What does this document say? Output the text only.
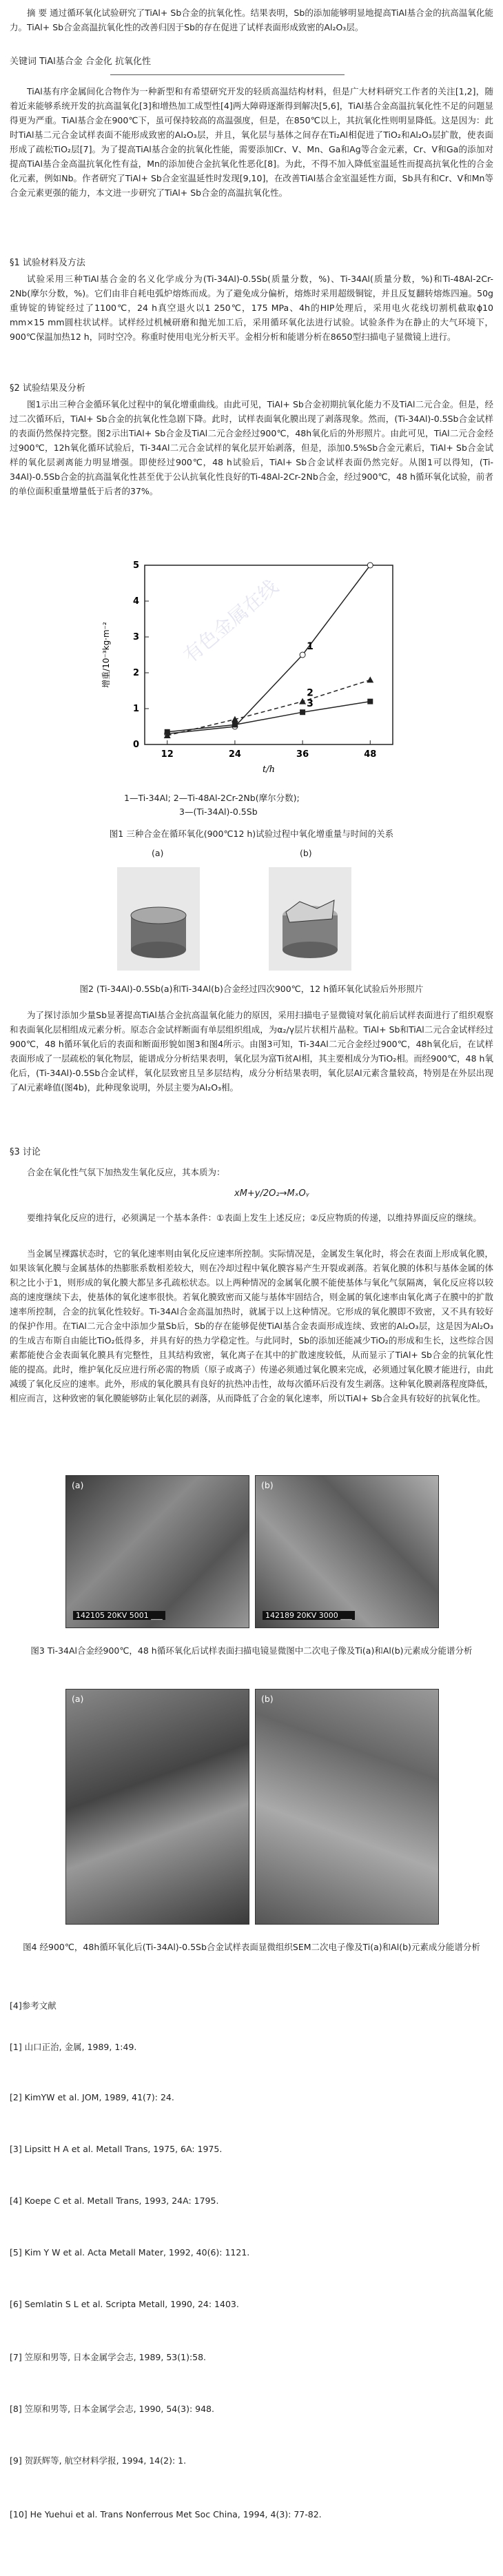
摘 要 通过循环氧化试验研究了TiAl+ Sb合金的抗氧化性。结果表明，Sb的添加能够明显地提高TiAl基合金的抗高温氧化能力。TiAl+ Sb合金高温抗氧化性的改善归因于Sb的存在促进了试样表面形成致密的Al₂O₃层。

关键词 TiAl基合金 合金化 抗氧化性

TiAl基有序金属间化合物作为一种新型和有希望研究开发的轻质高温结构材料，但是广大材料研究工作者的关注[1,2]，随着近来能够系统开发的抗高温氧化[3]和增热加工成型性[4]两大障碍逐渐得到解决[5,6]，TiAl基合金高温抗氧化性不足的问题显得更为严重。TiAl基合金在900℃下，虽可保持较高的高温强度，但是，在850℃以上，其抗氧化性则明显降低。这是因为：此时TiAl基二元合金试样表面不能形成致密的Al₂O₃层，并且，氧化层与基体之间存在Ti₂Al相促进了TiO₂和Al₂O₃层扩散，使表面形成了疏松TiO₂层[7]。为了提高TiAl基合金的抗氧化性能，需要添加Cr、V、Mn、Ga和Ag等合金元素，Cr、V和Ga的添加对提高TiAl基合金高温抗氧化性有益，Mn的添加使合金抗氧化性恶化[8]。为此，不得不加入降低室温延性而提高抗氧化性的合金化元素，例如Nb。作者研究了TiAl+ Sb合金室温延性时发现[9,10]，在改善TiAl基合金室温延性方面，Sb具有和Cr、V和Mn等合金元素更强的能力，本文进一步研究了TiAl+ Sb合金的高温抗氧化性。

§1 试验材料及方法

试验采用三种TiAl基合金的名义化学成分为(Ti-34Al)-0.5Sb(质量分数，%)、Ti-34Al(质量分数，%)和Ti-48Al-2Cr-2Nb(摩尔分数，%)。它们由非自耗电弧炉熔炼而成。为了避免成分偏析，熔炼时采用超级铜锭，并且反复翻转熔炼四遍。50g重铸锭的铸锭经过了1100℃，24 h真空退火以1 250℃，175 MPa、4h的HIP处理后，采用电火花线切割机截取ϕ10 mm×15 mm圆柱状试样。试样经过机械研磨和抛光加工后，采用循环氧化法进行试验。试验条件为在静止的大气环境下，900℃保温加热12 h，同时空冷。称重时使用电光分析天平。金相分析和能谱分析在8650型扫描电子显微镜上进行。

§2 试验结果及分析

图1示出三种合金循环氧化过程中的氧化增重曲线。由此可见，TiAl+ Sb合金初期抗氧化能力不及TiAl二元合金。但是，经过二次循环后，TiAl+ Sb合金的抗氧化性急剧下降。此时，试样表面氧化膜出现了剥落现象。然而，(Ti-34Al)-0.5Sb合金试样的表面仍然保持完整。图2示出TiAl+ Sb合金及TiAl二元合金经过900℃，48h氧化后的外形照片。由此可见，TiAl二元合金经过900℃，12h氧化循环试验后，Ti-34Al二元合金试样的氧化层开始剥落，但是，添加0.5%Sb合金元素后，TiAl+ Sb合金试样的氧化层剥离能力明显增强。即使经过900℃，48 h试验后，TiAl+ Sb合金试样表面仍然完好。从图1可以得知，(Ti-34Al)-0.5Sb合金的抗高温氧化性甚至优于公认抗氧化性良好的Ti-48Al-2Cr-2Nb合金，经过900℃，48 h循环氧化试验，前者的单位面积重量增量低于后者的37%。

12	24	36	48
0
1
2
3
4
5
t/h
增重/10⁻³kg·m⁻²	1
2
3
有色金属在线

1—Ti-34Al; 2—Ti-48Al-2Cr-2Nb(摩尔分数);

3—(Ti-34Al)-0.5Sb

图1 三种合金在循环氧化(900℃12 h)试验过程中氧化增重量与时间的关系

(a)	(b)

图2 (Ti-34Al)-0.5Sb(a)和Ti-34Al(b)合金经过四次900℃，12 h循环氧化试验后外形照片

为了探讨添加少量Sb显著提高TiAl基合金抗高温氧化能力的原因，采用扫描电子显微镜对氧化前后试样表面进行了组织观察和表面氧化层相组成元素分析。原态合金试样断面有单层组织组成，为α₂/γ层片状相片晶粒。TiAl+ Sb和TiAl二元合金试样经过900℃，48 h循环氧化后的表面和断面形貌如图3和图4所示。由图3可知，Ti-34Al二元合金经过900℃，48h氧化后，在试样表面形成了一层疏松的氧化物层，能谱成分分析结果表明，氧化层为富Ti贫Al相，其主要相成分为TiO₂相。而经900℃，48 h氧化后，(Ti-34Al)-0.5Sb合金试样，氧化层致密且呈多层结构，成分分析结果表明，氧化层Al元素含量较高，特别是在外层出现了Al元素峰值(图4b)，此种现象说明，外层主要为Al₂O₃相。

§3 讨论

合金在氧化性气氛下加热发生氧化反应，其本质为：

xM+y/2O₂→MₓOᵧ

要维持氧化反应的进行，必须满足一个基本条件：①表面上发生上述反应；②反应物质的传递，以维持界面反应的继续。

当金属呈裸露状态时，它的氧化速率则由氧化反应速率所控制。实际情况是，金属发生氧化时，将会在表面上形成氧化膜，如果该氧化膜与金属基体的热膨胀系数相差较大，则在冷却过程中氧化膜容易产生开裂或剥落。若氧化膜的体积与基体金属的体积之比小于1，则形成的氧化膜大都呈多孔疏松状态。以上两种情况的金属氧化膜不能使基体与氧化气氛隔离，氧化反应将以较高的速度继续下去，使基体的氧化速率很快。若氧化膜致密而又能与基体牢固结合，则金属的氧化速率由氧化离子在膜中的扩散速率所控制，合金的抗氧化性较好。Ti-34Al合金高温加热时，就属于以上这种情况。它形成的氧化膜即不致密，又不具有较好的保护作用。在TiAl二元合金中添加少量Sb后，Sb的存在能够促使TiAl基合金表面形成连续、致密的Al₂O₃层，这是因为Al₂O₃的生成吉布斯自由能比TiO₂低得多，并具有好的热力学稳定性。与此同时，Sb的添加还能减少TiO₂的形成和生长，这些综合因素都能使合金表面氧化膜具有完整性，且其结构致密，氧化离子在其中的扩散速度较低，从而显示了TiAl+ Sb合金的抗氧化性能的提高。此时，维护氧化反应进行所必需的物质（原子或离子）传递必须通过氧化膜来完成，必须通过氧化膜才能进行，由此减缓了氧化反应的速率。此外，形成的氧化膜具有良好的抗热冲击性，故每次循环后没有发生剥落。这种氧化膜剥落程度降低，相应而言，这种致密的氧化膜能够防止氧化层的剥落，从而降低了合金的氧化速率，所以TiAl+ Sb合金具有较好的抗氧化性。

(a)
142105 20KV 5001 ___
(b)
142189 20KV 3000 ___

图3 Ti-34Al合金经900℃，48 h循环氧化后试样表面扫描电镜显微图中二次电子像及Ti(a)和Al(b)元素成分能谱分析

(a)	(b)

图4 经900℃，48h循环氧化后(Ti-34Al)-0.5Sb合金试样表面显微组织SEM二次电子像及Ti(a)和Al(b)元素成分能谱分析

[4]参考文献

[1] 山口正治, 金属, 1989, 1:49.

[2] KimYW et al. JOM, 1989, 41(7): 24.

[3] Lipsitt H A et al. Metall Trans, 1975, 6A: 1975.

[4] Koepe C et al. Metall Trans, 1993, 24A: 1795.

[5] Kim Y W et al. Acta Metall Mater, 1992, 40(6): 1121.

[6] Semlatin S L et al. Scripta Metall, 1990, 24: 1403.

[7] 笠原和男等, 日本金属学会志, 1989, 53(1):58.

[8] 笠原和男等, 日本金属学会志, 1990, 54(3): 948.

[9] 贺跃辉等, 航空材料学报, 1994, 14(2): 1.

[10] He Yuehui et al. Trans Nonferrous Met Soc China, 1994, 4(3): 77-82.
